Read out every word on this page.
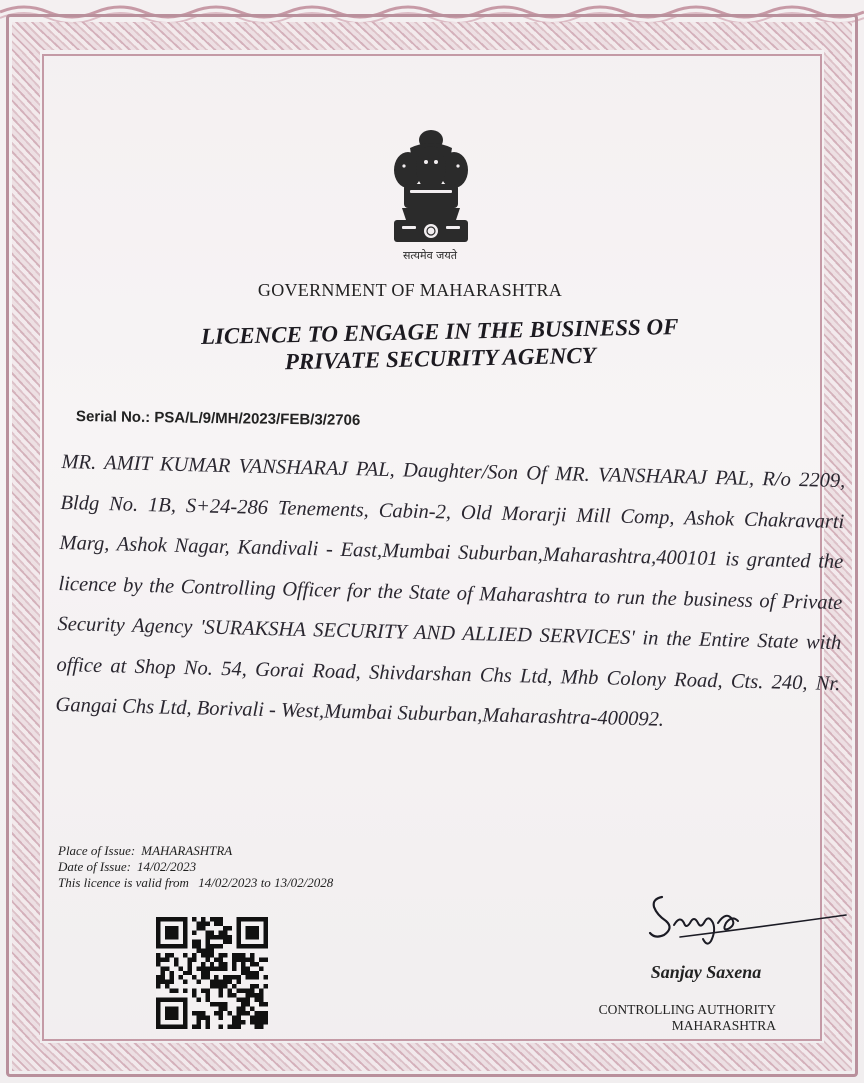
सत्यमेव जयते
GOVERNMENT OF MAHARASHTRA
LICENCE TO ENGAGE IN THE BUSINESS OF
PRIVATE SECURITY AGENCY
Serial No.: PSA/L/9/MH/2023/FEB/3/2706
MR. AMIT KUMAR VANSHARAJ PAL, Daughter/Son Of MR. VANSHARAJ PAL, R/o 2209, Bldg No. 1B, S+24-286 Tenements, Cabin-2, Old Morarji Mill Comp, Ashok Chakravarti Marg, Ashok Nagar, Kandivali - East,Mumbai Suburban,Maharashtra,400101 is granted the licence by the Controlling Officer for the State of Maharashtra to run the business of Private Security Agency 'SURAKSHA SECURITY AND ALLIED SERVICES' in the Entire State with office at Shop No. 54, Gorai Road, Shivdarshan Chs Ltd, Mhb Colony Road, Cts. 240, Nr. Gangai Chs Ltd, Borivali - West,Mumbai Suburban,Maharashtra-400092.
Place of Issue: MAHARASHTRA
Date of Issue: 14/02/2023
This licence is valid from 14/02/2023 to 13/02/2028
Sanjay Saxena
CONTROLLING AUTHORITY
MAHARASHTRA
